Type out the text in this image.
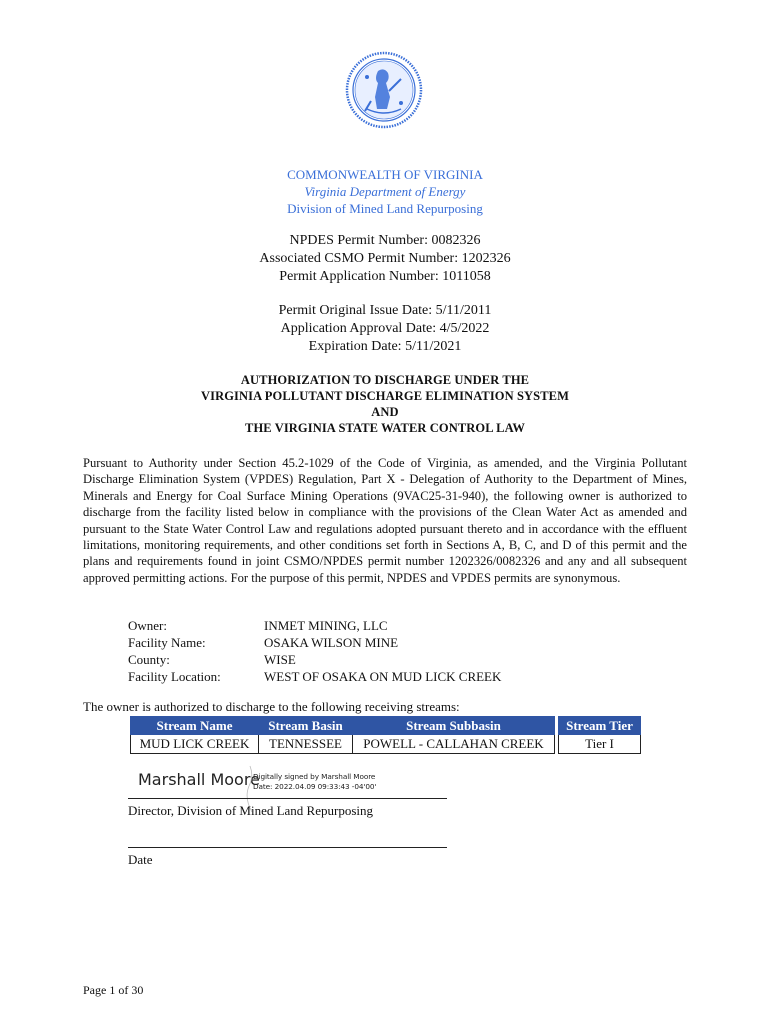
COMMONWEALTH OF VIRGINIA
Virginia Department of Energy
Division of Mined Land Repurposing
NPDES Permit Number: 0082326
Associated CSMO Permit Number: 1202326
Permit Application Number: 1011058
Permit Original Issue Date: 5/11/2011
Application Approval Date: 4/5/2022
Expiration Date: 5/11/2021
AUTHORIZATION TO DISCHARGE UNDER THE
VIRGINIA POLLUTANT DISCHARGE ELIMINATION SYSTEM
AND
THE VIRGINIA STATE WATER CONTROL LAW

Pursuant to Authority under Section 45.2-1029 of the Code of Virginia, as amended, and the Virginia Pollutant Discharge Elimination System (VPDES) Regulation, Part X - Delegation of Authority to the Department of Mines, Minerals and Energy for Coal Surface Mining Operations (9VAC25-31-940), the following owner is authorized to discharge from the facility listed below in compliance with the provisions of the Clean Water Act as amended and pursuant to the State Water Control Law and regulations adopted pursuant thereto and in accordance with the effluent limitations, monitoring requirements, and other conditions set forth in Sections A, B, C, and D of this permit and the plans and requirements found in joint CSMO/NPDES permit number 1202326/0082326 and any and all subsequent approved permitting actions. For the purpose of this permit, NPDES and VPDES permits are synonymous.

Owner:	INMET MINING, LLC
Facility Name:	OSAKA WILSON MINE
County:	WISE
Facility Location:	WEST OF OSAKA ON MUD LICK CREEK
The owner is authorized to discharge to the following receiving streams:
Stream Name	Stream Basin	Stream Subbasin		Stream Tier
MUD LICK CREEK	TENNESSEE	POWELL - CALLAHAN CREEK		Tier I
Marshall Moore
Digitally signed by Marshall Moore
Date: 2022.04.09 09:33:43 -04'00'
Director, Division of Mined Land Repurposing
Date
Page 1 of 30
